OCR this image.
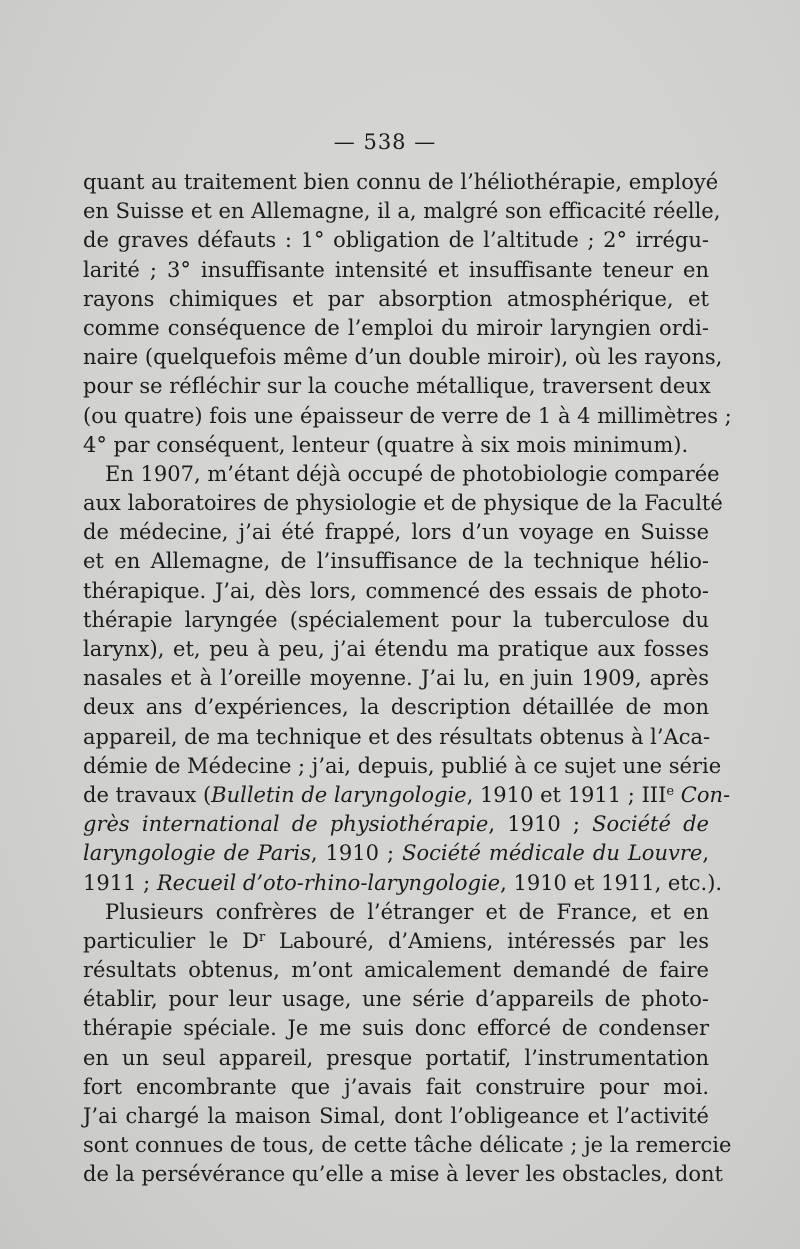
— 538 —
quant au traitement bien connu de l’héliothérapie, employé
en Suisse et en Allemagne, il a, malgré son efficacité réelle,
de graves défauts : 1° obligation de l’altitude ; 2° irrégu-
larité ; 3° insuffisante intensité et insuffisante teneur en
rayons chimiques et par absorption atmosphérique, et
comme conséquence de l’emploi du miroir laryngien ordi-
naire (quelquefois même d’un double miroir), où les rayons,
pour se réfléchir sur la couche métallique, traversent deux
(ou quatre) fois une épaisseur de verre de 1 à 4 millimètres ;
4° par conséquent, lenteur (quatre à six mois minimum).
En 1907, m’étant déjà occupé de photobiologie comparée
aux laboratoires de physiologie et de physique de la Faculté
de médecine, j’ai été frappé, lors d’un voyage en Suisse
et en Allemagne, de l’insuffisance de la technique hélio-
thérapique. J’ai, dès lors, commencé des essais de photo-
thérapie laryngée (spécialement pour la tuberculose du
larynx), et, peu à peu, j’ai étendu ma pratique aux fosses
nasales et à l’oreille moyenne. J’ai lu, en juin 1909, après
deux ans d’expériences, la description détaillée de mon
appareil, de ma technique et des résultats obtenus à l’Aca-
démie de Médecine ; j’ai, depuis, publié à ce sujet une série
de travaux (Bulletin de laryngologie, 1910 et 1911 ; IIIe Con-
grès international de physiothérapie, 1910 ; Société de
laryngologie de Paris, 1910 ; Société médicale du Louvre,
1911 ; Recueil d’oto-rhino-laryngologie, 1910 et 1911, etc.).
Plusieurs confrères de l’étranger et de France, et en
particulier le $D^r$ Labouré, d’Amiens, intéressés par les
résultats obtenus, m’ont amicalement demandé de faire
établir, pour leur usage, une série d’appareils de photo-
thérapie spéciale. Je me suis donc efforcé de condenser
en un seul appareil, presque portatif, l’instrumentation
fort encombrante que j’avais fait construire pour moi.
J’ai chargé la maison Simal, dont l’obligeance et l’activité
sont connues de tous, de cette tâche délicate ; je la remercie
de la persévérance qu’elle a mise à lever les obstacles, dont
